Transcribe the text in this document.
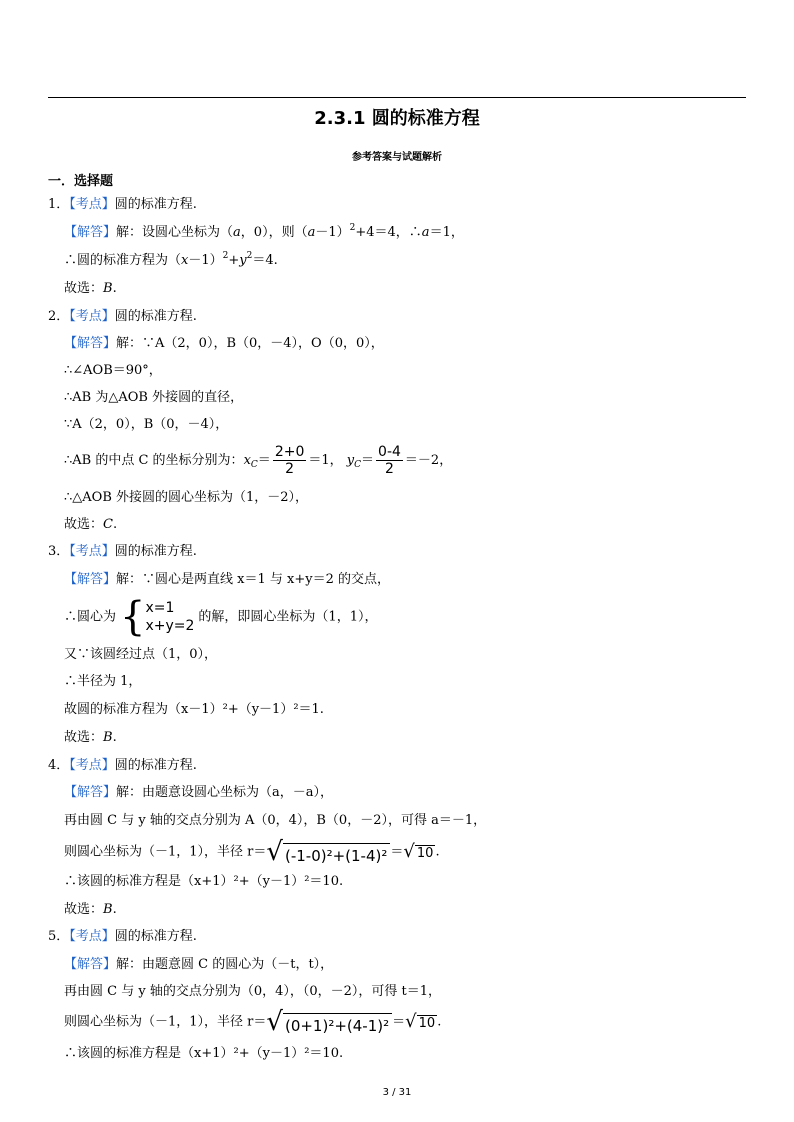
2.3.1 圆的标准方程
参考答案与试题解析
一．选择题
1．【考点】圆的标准方程.
【解答】解：设圆心坐标为（a，0），则$(a-1)^2+4=4$，∴a＝1，
∴圆的标准方程为$(x-1)^2+y^2=4$.
故选：B.
2．【考点】圆的标准方程.
【解答】解：∵A（2，0），B（0，－4），O（0，0），
∴∠AOB＝90°，
∴AB 为△AOB 外接圆的直径，
∵A（2，0），B（0，－4），
∴AB 的中点 C 的坐标分别为：$x_C= \frac{2+0}{2} =1$， $y_C= \frac{0-4}{2} =-2$，
∴△AOB 外接圆的圆心坐标为（1，－2），
故选：C.
3．【考点】圆的标准方程.
【解答】解：∵圆心是两直线 x＝1 与 x+y＝2 的交点，
∴圆心为 { x=1
x+y=2
的解，即圆心坐标为（1，1），
又∵该圆经过点（1，0），
∴半径为 1，
故圆的标准方程为（x－1）²+（y－1）²＝1.
故选：B.
4．【考点】圆的标准方程.
【解答】解：由题意设圆心坐标为（a，－a），
再由圆 C 与 y 轴的交点分别为 A（0，4），B（0，－2），可得 a＝－1，
则圆心坐标为（－1，1），半径 r＝ √ (-1-0)²+(1-4)² ＝ √ 10 .
∴该圆的标准方程是（x+1）²+（y－1）²＝10.
故选：B.
5．【考点】圆的标准方程.
【解答】解：由题意圆 C 的圆心为（－t，t），
再由圆 C 与 y 轴的交点分别为（0，4），（0，－2），可得 t＝1，
则圆心坐标为（－1，1），半径 r＝ √ (0+1)²+(4-1)² ＝ √ 10 .
∴该圆的标准方程是（x+1）²+（y－1）²＝10.
3 / 31
